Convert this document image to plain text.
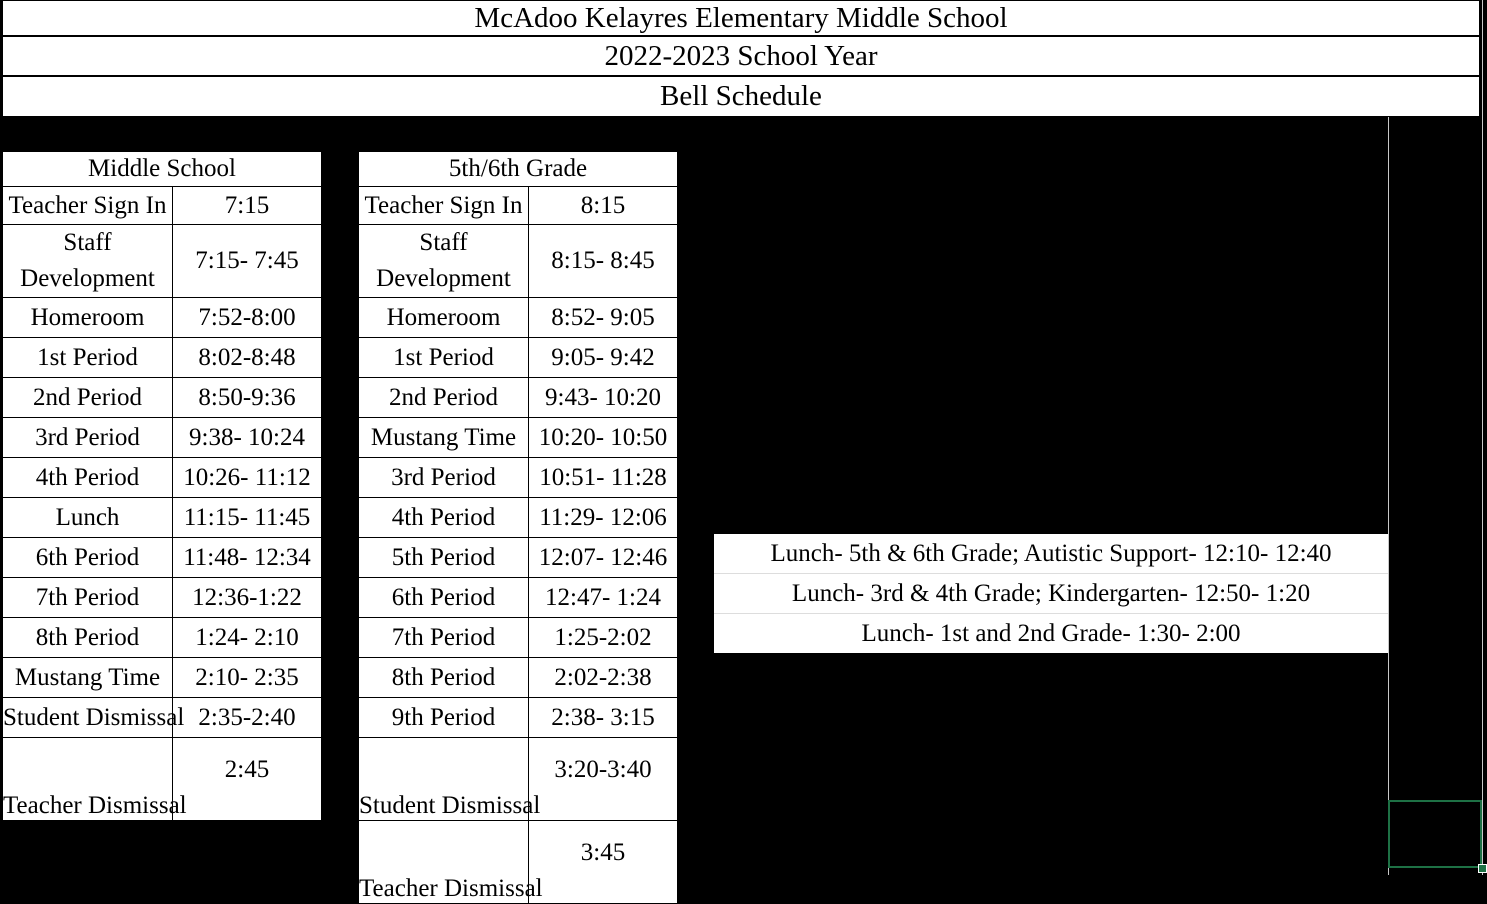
McAdoo Kelayres Elementary Middle School
2022-2023 School Year
Bell Schedule
Middle School	
Teacher Sign In	7:15
Staff Development	7:15- 7:45
Homeroom	7:52-8:00
1st Period	8:02-8:48
2nd Period	8:50-9:36
3rd Period	9:38- 10:24
4th Period	10:26- 11:12
Lunch	11:15- 11:45
6th Period	11:48- 12:34
7th Period	12:36-1:22
8th Period	1:24- 2:10
Mustang Time	2:10- 2:35
Student Dismissal	2:35-2:40
Teacher Dismissal	2:45
5th/6th Grade	
Teacher Sign In	8:15
Staff Development	8:15- 8:45
Homeroom	8:52- 9:05
1st Period	9:05- 9:42
2nd Period	9:43- 10:20
Mustang Time	10:20- 10:50
3rd Period	10:51- 11:28
4th Period	11:29- 12:06
5th Period	12:07- 12:46
6th Period	12:47- 1:24
7th Period	1:25-2:02
8th Period	2:02-2:38
9th Period	2:38- 3:15
Student Dismissal	3:20-3:40
Teacher Dismissal	3:45
Lunch- 5th & 6th Grade; Autistic Support- 12:10- 12:40
Lunch- 3rd & 4th Grade; Kindergarten- 12:50- 1:20
Lunch- 1st and 2nd Grade- 1:30- 2:00
